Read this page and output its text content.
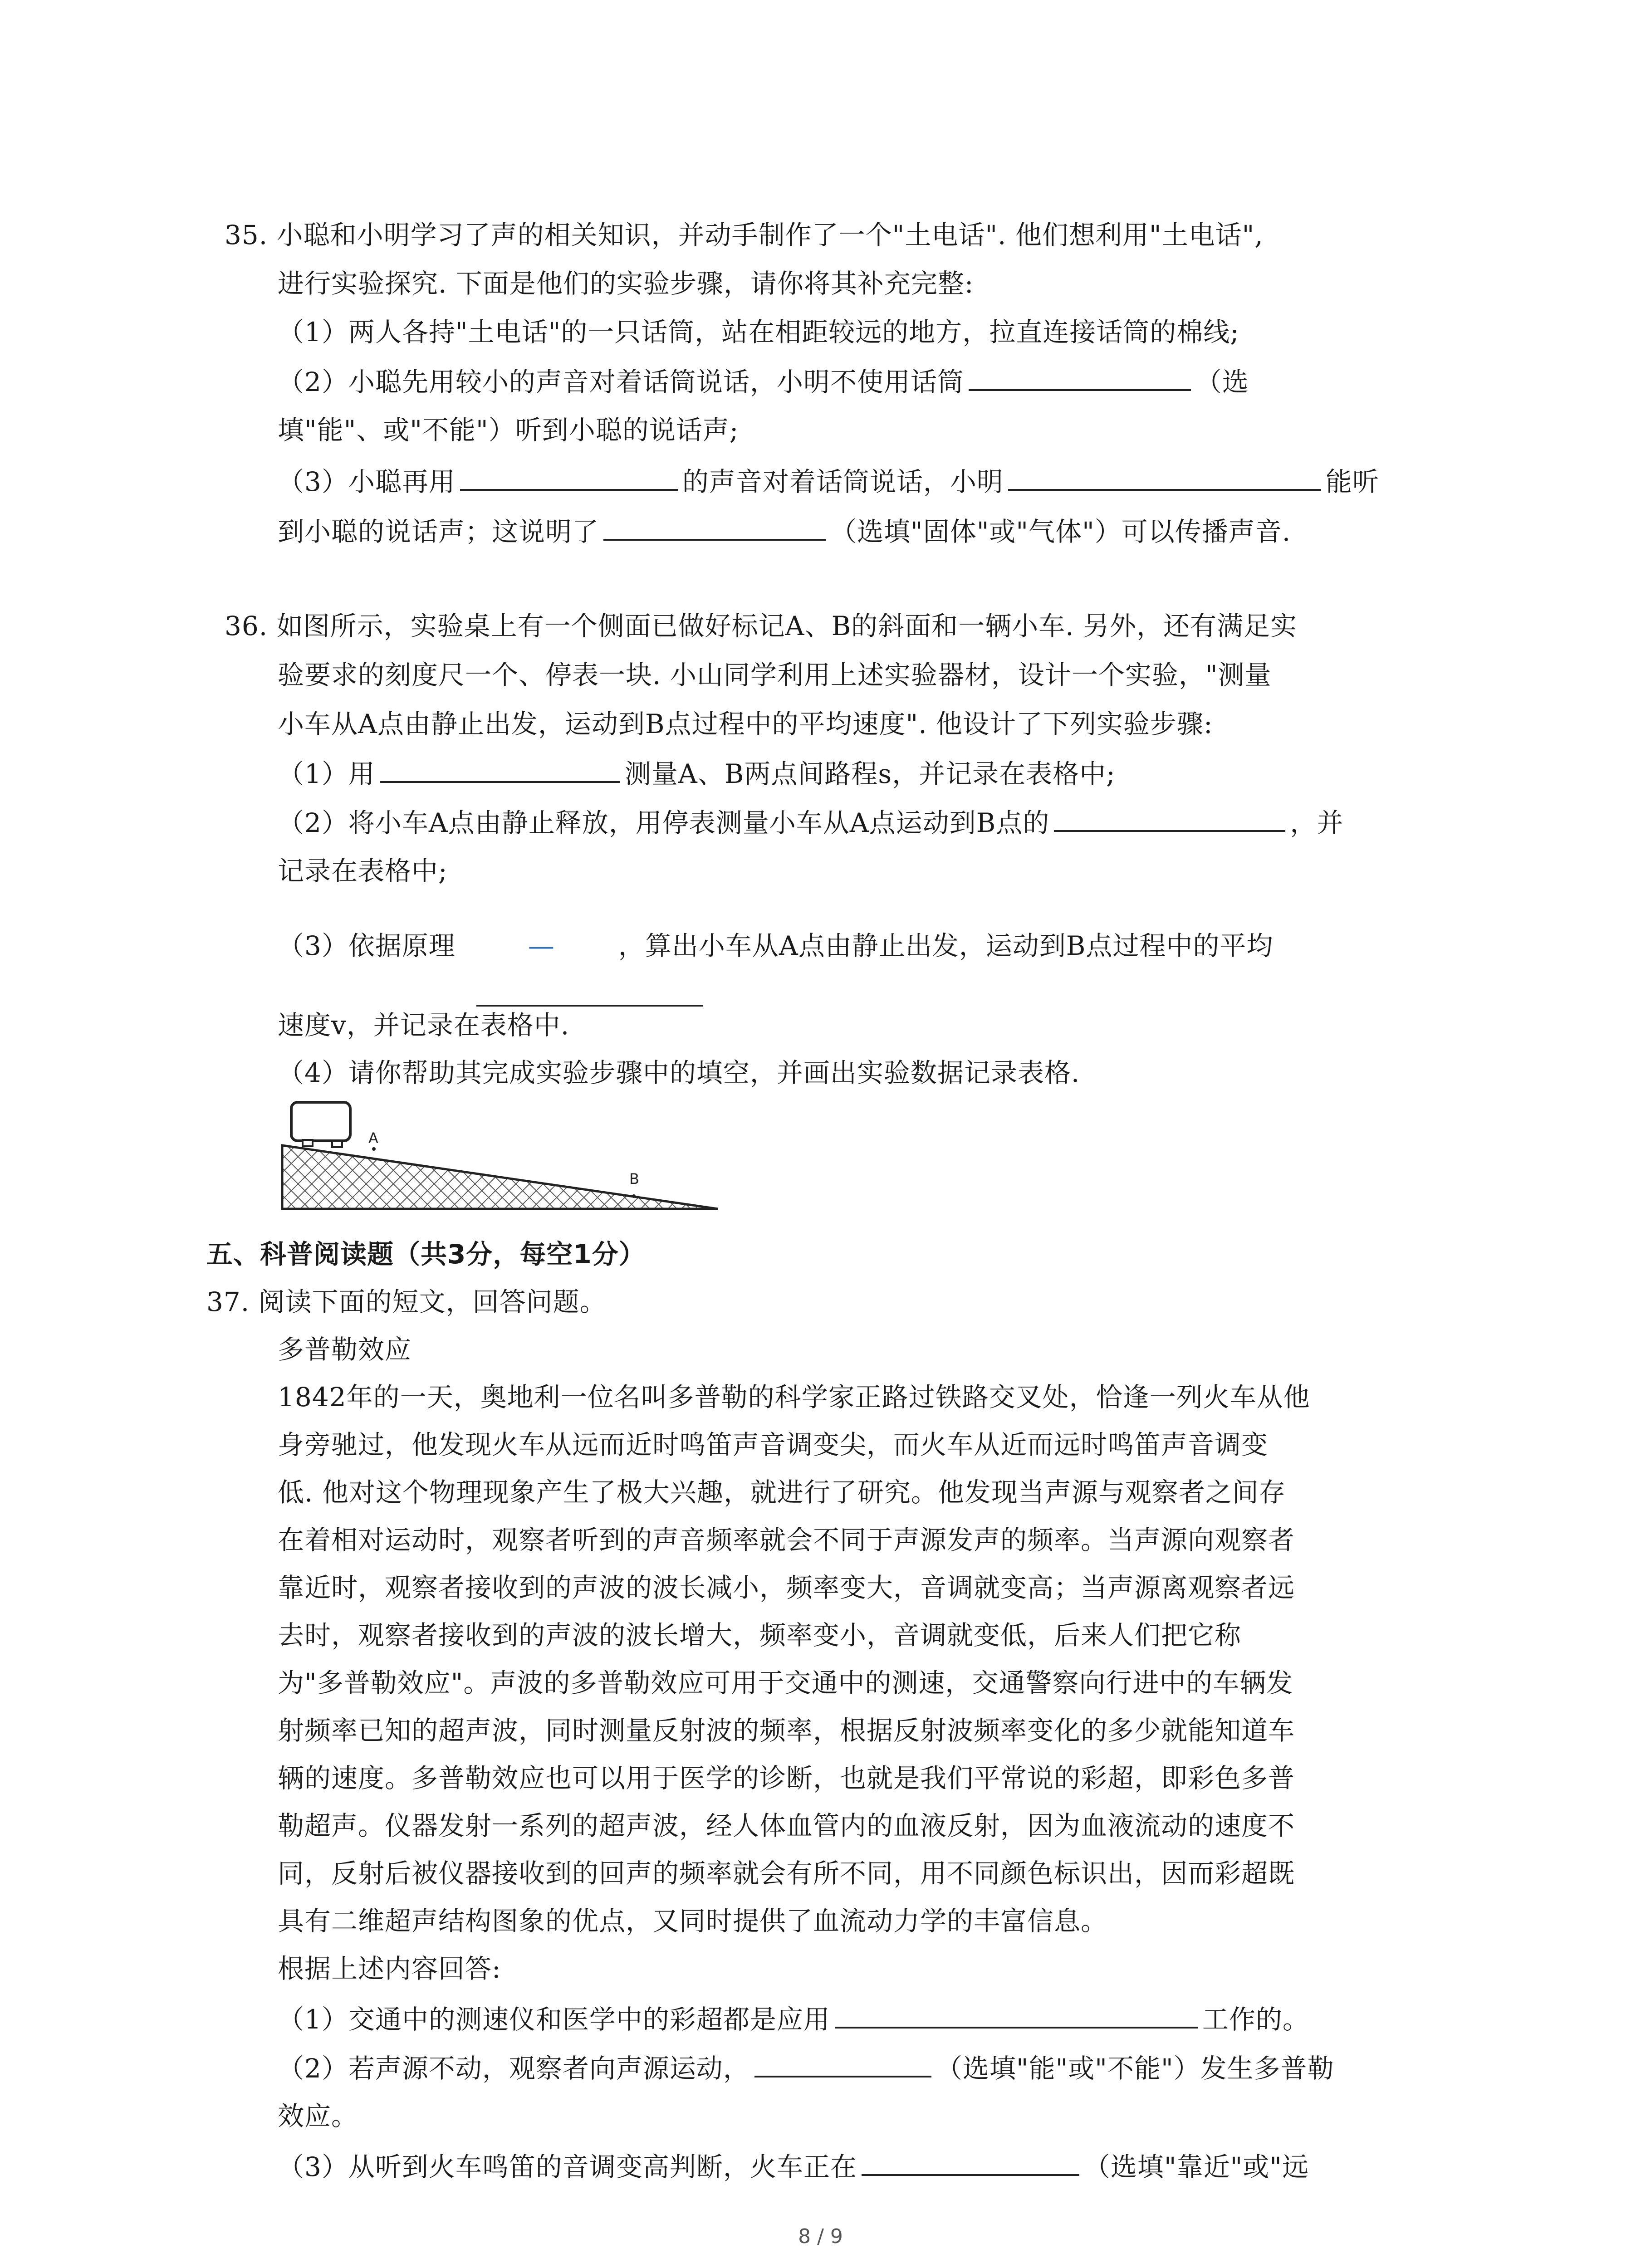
35. 小聪和小明学习了声的相关知识，并动手制作了一个"土电话". 他们想利用"土电话",
进行实验探究. 下面是他们的实验步骤，请你将其补充完整:
（1）两人各持"土电话"的一只话筒，站在相距较远的地方，拉直连接话筒的棉线;
（2）小聪先用较小的声音对着话筒说话，小明不使用话筒	（选
填"能"、或"不能"）听到小聪的说话声;
（3）小聪再用	的声音对着话筒说话，小明	能听
到小聪的说话声；这说明了	（选填"固体"或"气体"）可以传播声音.
36. 如图所示，实验桌上有一个侧面已做好标记A、B的斜面和一辆小车. 另外，还有满足实
验要求的刻度尺一个、停表一块. 小山同学利用上述实验器材，设计一个实验，"测量
小车从A点由静止出发，运动到B点过程中的平均速度". 他设计了下列实验步骤:
（1）用	测量A、B两点间路程s，并记录在表格中;
（2）将小车A点由静止释放，用停表测量小车从A点运动到B点的	，并
记录在表格中;
（3）依据原理	— ，算出小车从A点由静止出发，运动到B点过程中的平均
速度v，并记录在表格中.
（4）请你帮助其完成实验步骤中的填空，并画出实验数据记录表格.
A
B
五、科普阅读题（共3分，每空1分）
37. 阅读下面的短文，回答问题。
多普勒效应
1842年的一天，奥地利一位名叫多普勒的科学家正路过铁路交叉处，恰逢一列火车从他
身旁驰过，他发现火车从远而近时鸣笛声音调变尖，而火车从近而远时鸣笛声音调变
低. 他对这个物理现象产生了极大兴趣，就进行了研究。他发现当声源与观察者之间存
在着相对运动时，观察者听到的声音频率就会不同于声源发声的频率。当声源向观察者
靠近时，观察者接收到的声波的波长减小，频率变大，音调就变高；当声源离观察者远
去时，观察者接收到的声波的波长增大，频率变小，音调就变低，后来人们把它称
为"多普勒效应"。声波的多普勒效应可用于交通中的测速，交通警察向行进中的车辆发
射频率已知的超声波，同时测量反射波的频率，根据反射波频率变化的多少就能知道车
辆的速度。多普勒效应也可以用于医学的诊断，也就是我们平常说的彩超，即彩色多普
勒超声。仪器发射一系列的超声波，经人体血管内的血液反射，因为血液流动的速度不
同，反射后被仪器接收到的回声的频率就会有所不同，用不同颜色标识出，因而彩超既
具有二维超声结构图象的优点，又同时提供了血流动力学的丰富信息。
根据上述内容回答:
（1）交通中的测速仪和医学中的彩超都是应用	工作的。
（2）若声源不动，观察者向声源运动，	（选填"能"或"不能"）发生多普勒
效应。
（3）从听到火车鸣笛的音调变高判断，火车正在	（选填"靠近"或"远
8 / 9
